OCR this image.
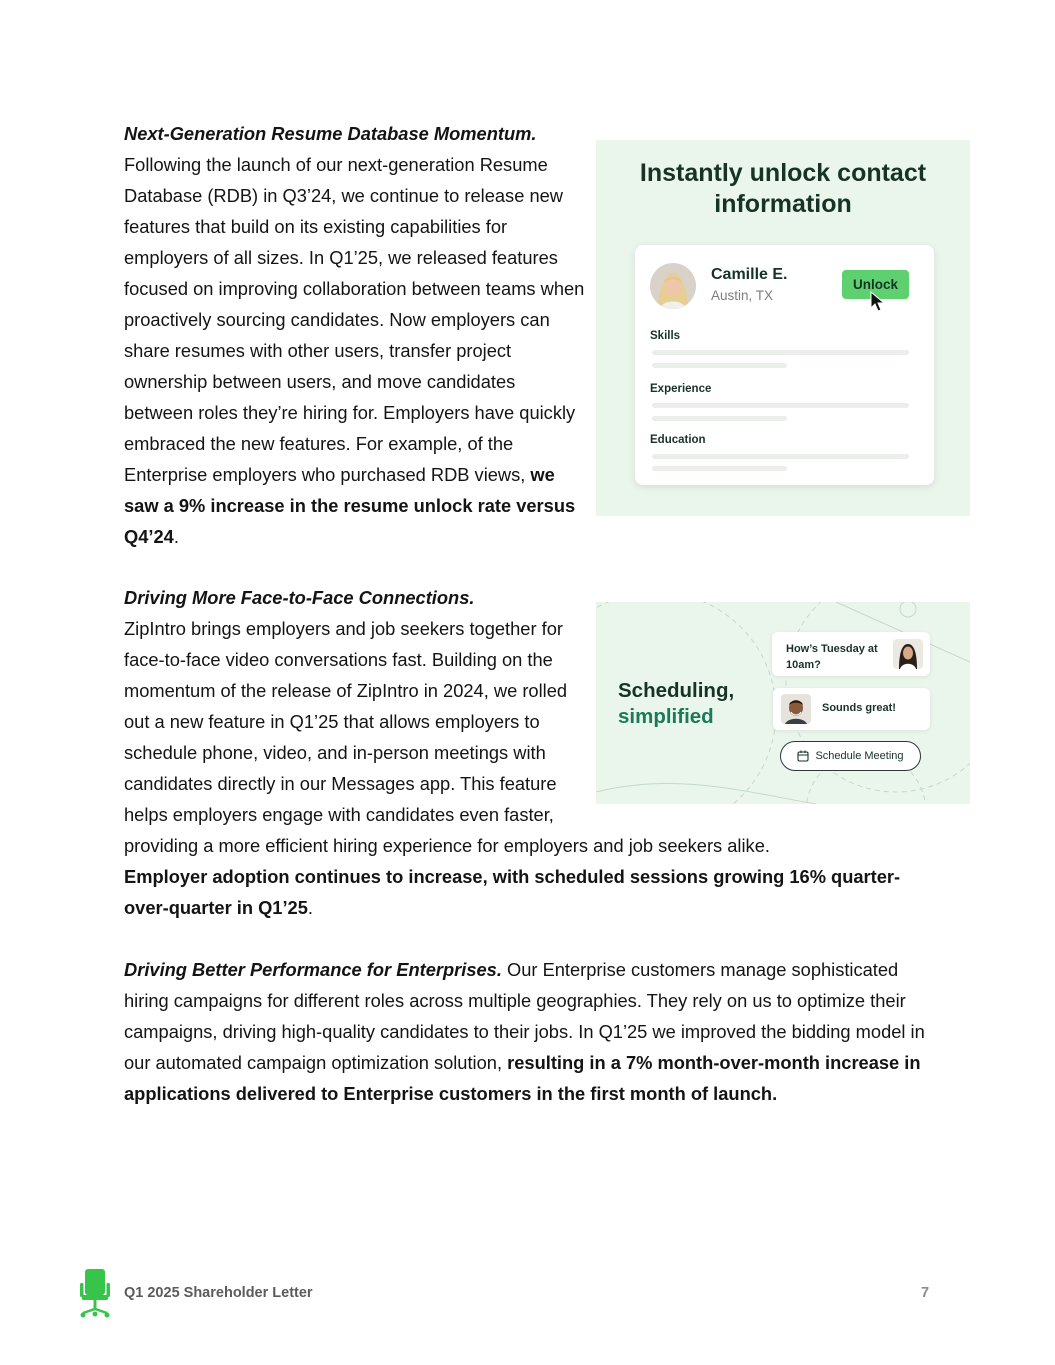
Next-Generation Resume Database Momentum.
Following the launch of our next-generation Resume Database (RDB) in Q3’24, we continue to release new features that build on its existing capabilities for employers of all sizes. In Q1’25, we released features focused on improving collaboration between teams when proactively sourcing candidates. Now employers can share resumes with other users, transfer project ownership between users, and move candidates between roles they’re hiring for. Employers have quickly embraced the new features. For example, of the Enterprise employers who purchased RDB views, we saw a 9% increase in the resume unlock rate versus Q4’24.

Instantly unlock contact information
Camille E.
Austin, TX
Unlock
Skills
Experience
Education

Driving More Face-to-Face Connections.
ZipIntro brings employers and job seekers together for face-to-face video conversations fast. Building on the momentum of the release of ZipIntro in 2024, we rolled out a new feature in Q1’25 that allows employers to schedule phone, video, and in-person meetings with candidates directly in our Messages app. This feature helps employers engage with candidates even faster,

providing a more efficient hiring experience for employers and job seekers alike.
Employer adoption continues to increase, with scheduled sessions growing 16% quarter-over-quarter in Q1’25.

Scheduling,
simplified
How’s Tuesday at 10am?
Sounds great!
Schedule Meeting

Driving Better Performance for Enterprises. Our Enterprise customers manage sophisticated hiring campaigns for different roles across multiple geographies. They rely on us to optimize their campaigns, driving high-quality candidates to their jobs. In Q1’25 we improved the bidding model in our automated campaign optimization solution, resulting in a 7% month-over-month increase in applications delivered to Enterprise customers in the first month of launch.

Q1 2025 Shareholder Letter	7
